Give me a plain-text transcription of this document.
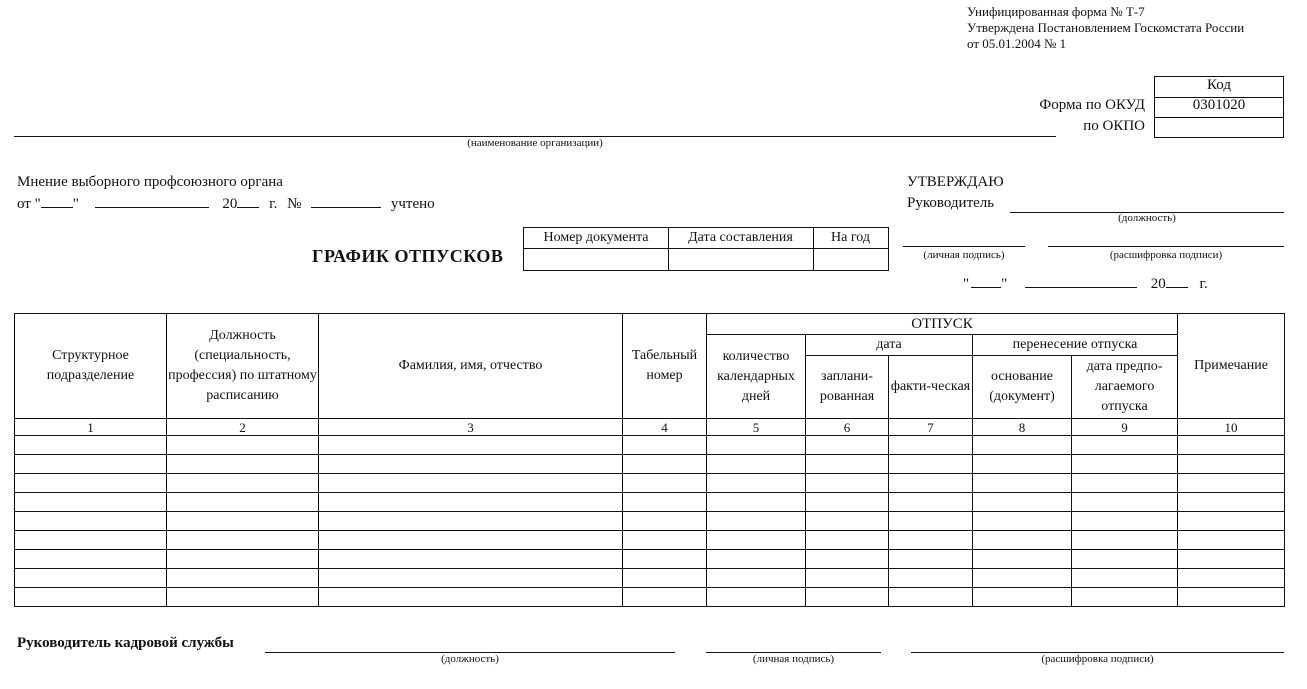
Унифицированная форма № Т-7
Утверждена Постановлением Госкомстата России
от 05.01.2004 № 1
Код
0301020
Форма по ОКУД
по ОКПО
(наименование организации)
Мнение выборного профсоюзного органа
от " "	20 г. №	учтено
УТВЕРЖДАЮ
Руководитель
(должность)
(личная подпись)	(расшифровка подписи)
" "	20 г.
ГРАФИК ОТПУСКОВ
Номер документа	Дата составления	На год
Структурное подразделение	Должность (специальность, профессия) по штатному расписанию	Фамилия, имя, отчество	Табельный номер	ОТПУСК					Примечание
				количество календарных дней	дата		перенесение отпуска		
					заплани-рованная	факти-ческая	основание (документ)	дата предпо-лагаемого отпуска	
1	2	3	4	5	6	7	8	9	10

Руководитель кадровой службы
(должность)	(личная подпись)	(расшифровка подписи)
